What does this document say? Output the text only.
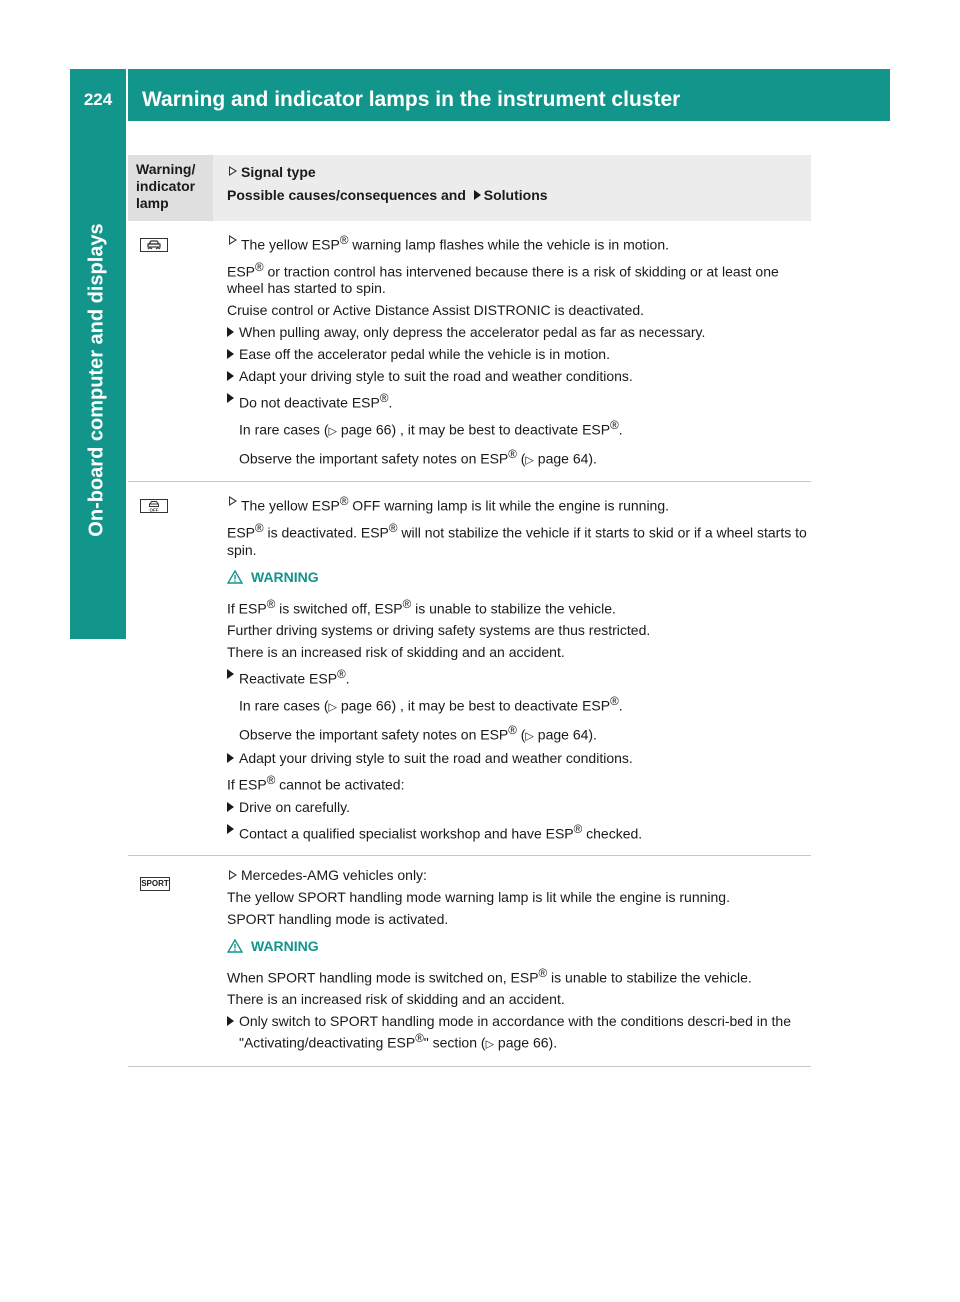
224	Warning and indicator lamps in the instrument cluster
On-board computer and displays
Warning/
indicator
lamp
Signal type
Possible causes/consequences and Solutions

The yellow ESP® warning lamp flashes while the vehicle is in motion.

ESP® or traction control has intervened because there is a risk of skidding or at least one wheel has started to spin.

Cruise control or Active Distance Assist DISTRONIC is deactivated.

When pulling away, only depress the accelerator pedal as far as necessary.

Ease off the accelerator pedal while the vehicle is in motion.

Adapt your driving style to suit the road and weather conditions.

Do not deactivate ESP®.

In rare cases (▷ page 66) , it may be best to deactivate ESP®.

Observe the important safety notes on ESP® (▷ page 64).

OFF	The yellow ESP® OFF warning lamp is lit while the engine is running.

ESP® is deactivated. ESP® will not stabilize the vehicle if it starts to skid or if a wheel starts to spin.

WARNING

If ESP® is switched off, ESP® is unable to stabilize the vehicle.

Further driving systems or driving safety systems are thus restricted.

There is an increased risk of skidding and an accident.

Reactivate ESP®.

In rare cases (▷ page 66) , it may be best to deactivate ESP®.

Observe the important safety notes on ESP® (▷ page 64).

Adapt your driving style to suit the road and weather conditions.

If ESP® cannot be activated:

Drive on carefully.

Contact a qualified specialist workshop and have ESP® checked.

SPORT

Mercedes-AMG vehicles only:

The yellow SPORT handling mode warning lamp is lit while the engine is running.

SPORT handling mode is activated.

WARNING

When SPORT handling mode is switched on, ESP® is unable to stabilize the vehicle.

There is an increased risk of skidding and an accident.

Only switch to SPORT handling mode in accordance with the conditions descri-bed in the "Activating/deactivating ESP®" section (▷ page 66).
